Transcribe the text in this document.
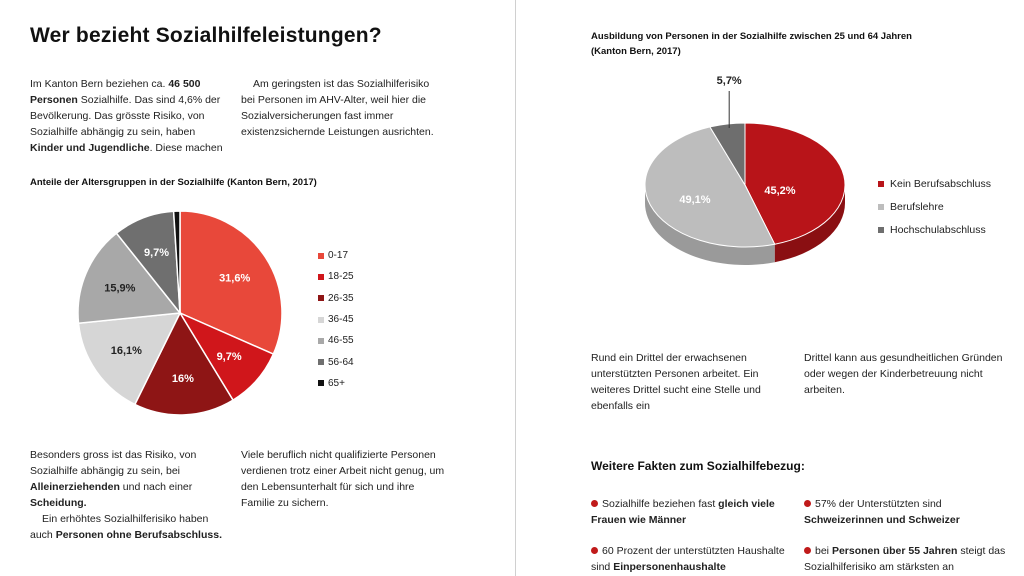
Wer bezieht Sozialhilfeleistungen?

Im Kanton Bern beziehen ca. 46 500 Personen Sozialhilfe. Das sind 4,6% der Bevölkerung. Das grösste Risiko, von Sozialhilfe abhängig zu sein, haben Kinder und Jugendliche. Diese machen

Am geringsten ist das Sozialhilferisiko bei Personen im AHV-Alter, weil hier die Sozialversicherungen fast immer existenzsichernde Leistungen ausrichten.

Anteile der Altersgruppen in der Sozialhilfe (Kanton Bern, 2017)
31,6%
9,7%
16%
16,1%
15,9%
9,7%	0-17
18-25
26-35
36-45
46-55
56-64
65+

Besonders gross ist das Risiko, von Sozialhilfe abhängig zu sein, bei Alleinerziehenden und nach einer Scheidung.

Ein erhöhtes Sozialhilferisiko haben auch Personen ohne Berufsabschluss.

Viele beruflich nicht qualifizierte Personen verdienen trotz einer Arbeit nicht genug, um den Lebensunterhalt für sich und ihre Familie zu sichern.

Ausbildung von Personen in der Sozialhilfe zwischen 25 und 64 Jahren (Kanton Bern, 2017)
45,2%
49,1%
5,7%
Kein Berufsabschluss
Berufslehre
Hochschulabschluss

Rund ein Drittel der erwachsenen unterstützten Personen arbeitet. Ein weiteres Drittel sucht eine Stelle und ebenfalls ein

Drittel kann aus gesundheitlichen Gründen oder wegen der Kinderbetreuung nicht arbeiten.

Weitere Fakten zum Sozialhilfebezug:
Sozialhilfe beziehen fast gleich viele Frauen wie Männer
57% der Unterstützten sind Schweizerinnen und Schweizer
60 Prozent der unterstützten Haushalte sind Einpersonenhaushalte
bei Personen über 55 Jahren steigt das Sozialhilferisiko am stärksten an
